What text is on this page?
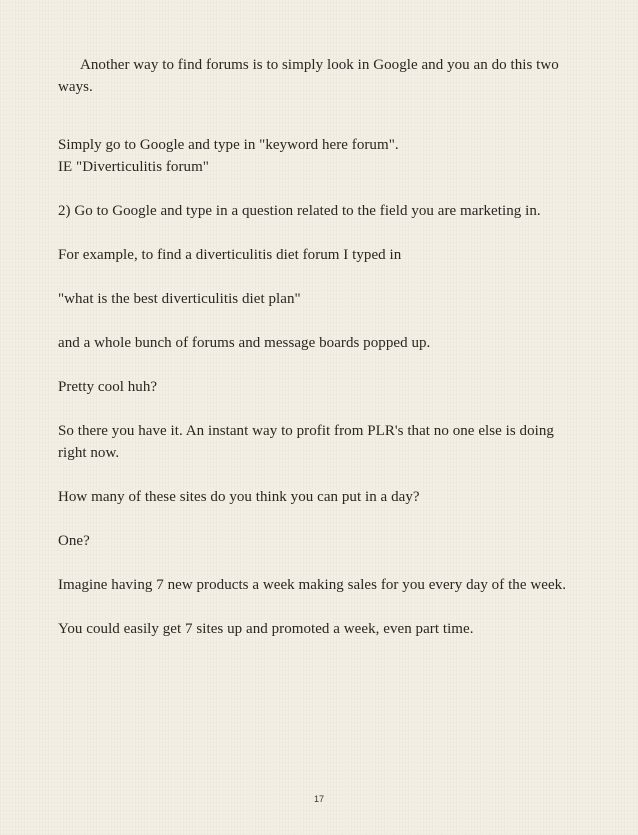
Another way to find forums is to simply look in Google and you an do this two ways.

Simply go to Google and type in "keyword here forum".

IE "Diverticulitis forum"

2) Go to Google and type in a question related to the field you are marketing in.

For example, to find a diverticulitis diet forum I typed in

"what is the best diverticulitis diet plan"

and a whole bunch of forums and message boards popped up.

Pretty cool huh?

So there you have it. An instant way to profit from PLR's that no one else is doing right now.

How many of these sites do you think you can put in a day?

One?

Imagine having 7 new products a week making sales for you every day of the week.

You could easily get 7 sites up and promoted a week, even part time.

17
